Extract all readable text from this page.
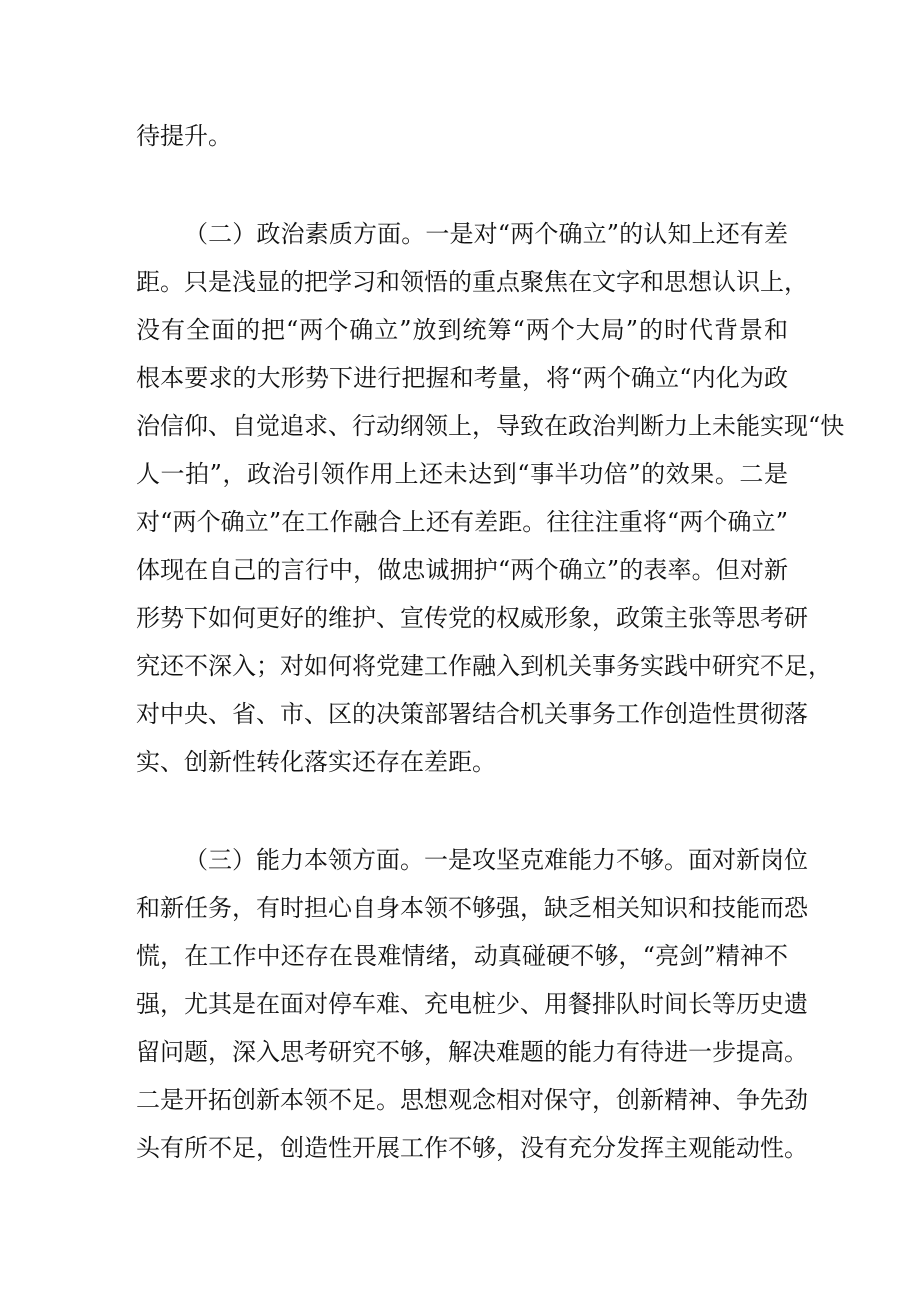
待提升。

（二）政治素质方面。一是对“两个确立”的认知上还有差

距。只是浅显的把学习和领悟的重点聚焦在文字和思想认识上，

没有全面的把“两个确立”放到统筹“两个大局”的时代背景和

根本要求的大形势下进行把握和考量，将“两个确立“内化为政

治信仰、自觉追求、行动纲领上，导致在政治判断力上未能实现“快

人一拍”，政治引领作用上还未达到“事半功倍”的效果。二是

对“两个确立”在工作融合上还有差距。往往注重将“两个确立”

体现在自己的言行中，做忠诚拥护“两个确立”的表率。但对新

形势下如何更好的维护、宣传党的权威形象，政策主张等思考研

究还不深入；对如何将党建工作融入到机关事务实践中研究不足，

对中央、省、市、区的决策部署结合机关事务工作创造性贯彻落

实、创新性转化落实还存在差距。

（三）能力本领方面。一是攻坚克难能力不够。面对新岗位

和新任务，有时担心自身本领不够强，缺乏相关知识和技能而恐

慌，在工作中还存在畏难情绪，动真碰硬不够，“亮剑”精神不

强，尤其是在面对停车难、充电桩少、用餐排队时间长等历史遗

留问题，深入思考研究不够，解决难题的能力有待进一步提高。

二是开拓创新本领不足。思想观念相对保守，创新精神、争先劲

头有所不足，创造性开展工作不够，没有充分发挥主观能动性。
